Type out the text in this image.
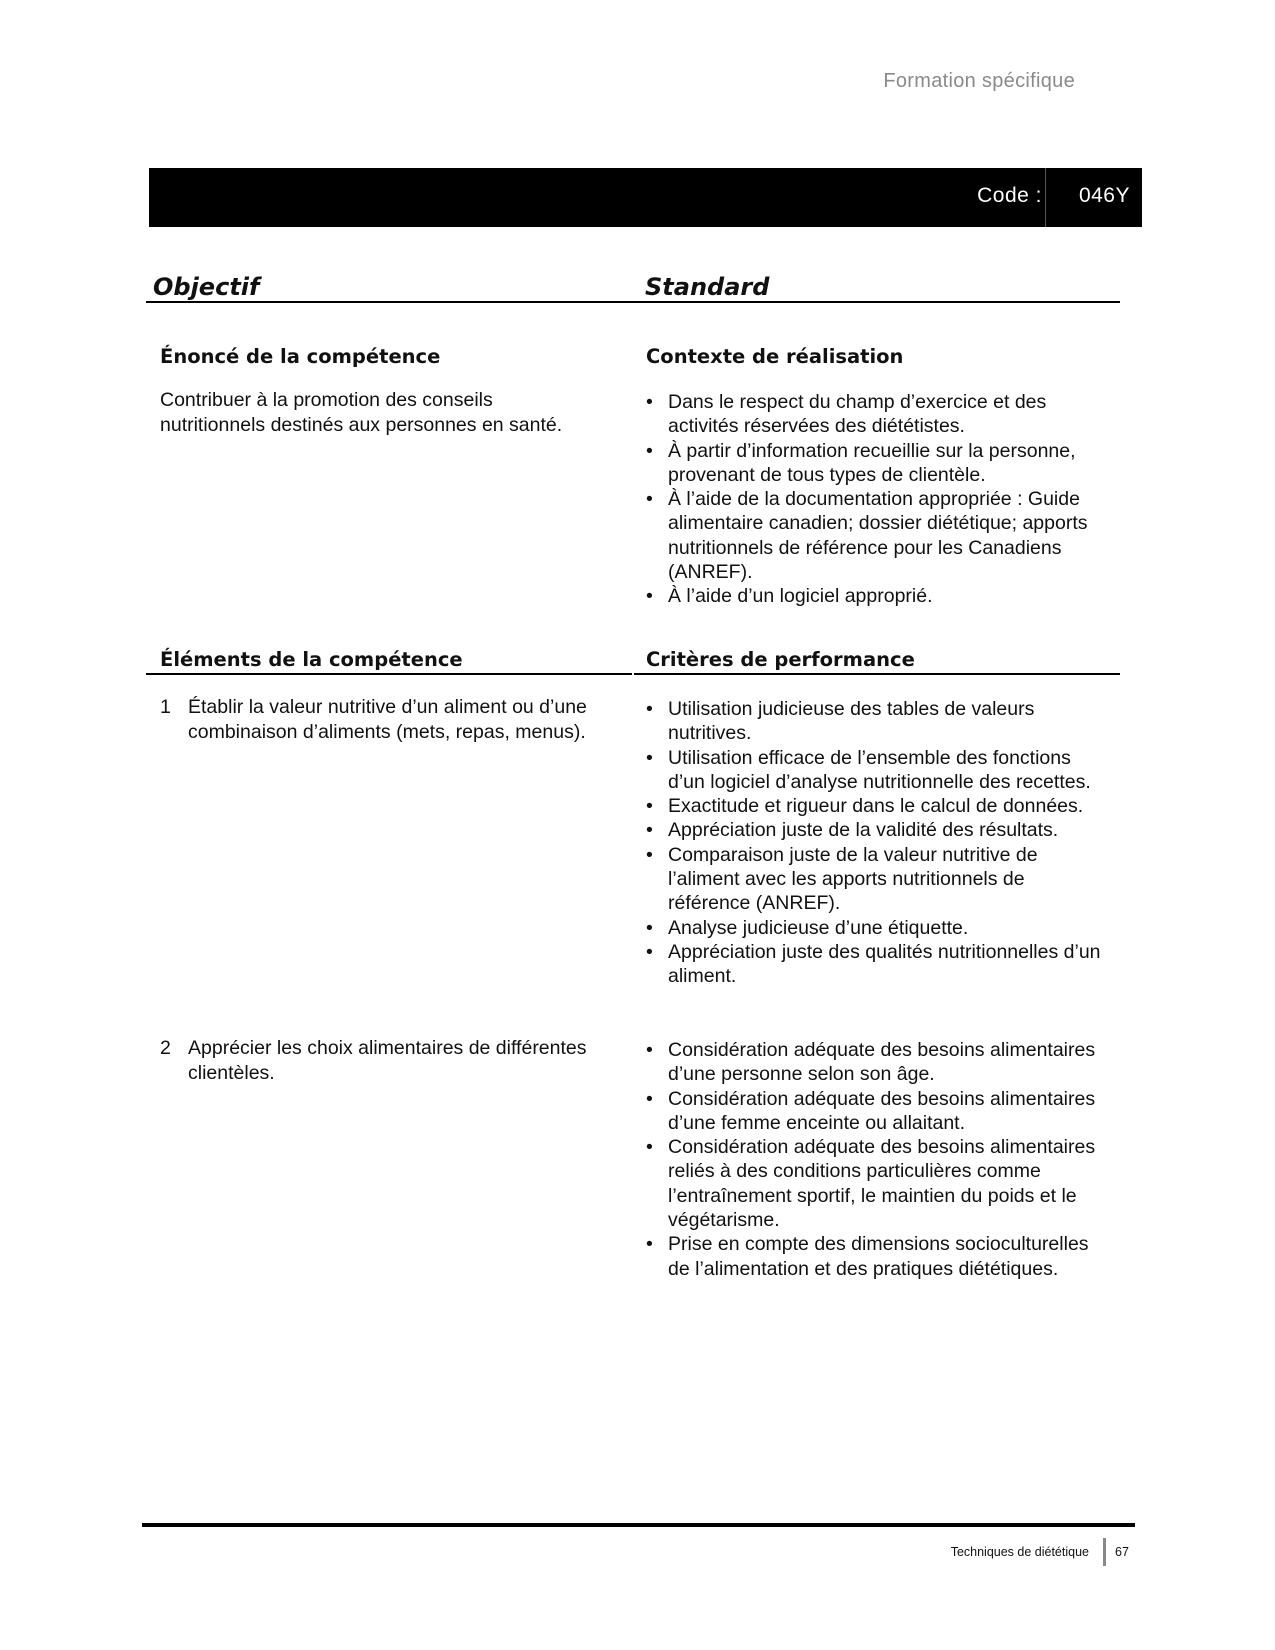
Formation spécifique
Code : 046Y
Objectif	Standard
Énoncé de la compétence
Contribuer à la promotion des conseils nutritionnels destinés aux personnes en santé.
Contexte de réalisation
• Dans le respect du champ d’exercice et des activités réservées des diététistes.
• À partir d’information recueillie sur la personne, provenant de tous types de clientèle.
• À l’aide de la documentation appropriée : Guide alimentaire canadien; dossier diététique; apports nutritionnels de référence pour les Canadiens (ANREF).
• À l’aide d’un logiciel approprié.
Éléments de la compétence	Critères de performance
1 Établir la valeur nutritive d’un aliment ou d’une combinaison d’aliments (mets, repas, menus).
• Utilisation judicieuse des tables de valeurs nutritives.
• Utilisation efficace de l’ensemble des fonctions d’un logiciel d’analyse nutritionnelle des recettes.
• Exactitude et rigueur dans le calcul de données.
• Appréciation juste de la validité des résultats.
• Comparaison juste de la valeur nutritive de l’aliment avec les apports nutritionnels de référence (ANREF).
• Analyse judicieuse d’une étiquette.
• Appréciation juste des qualités nutritionnelles d’un aliment.
2 Apprécier les choix alimentaires de différentes clientèles.
• Considération adéquate des besoins alimentaires d’une personne selon son âge.
• Considération adéquate des besoins alimentaires d’une femme enceinte ou allaitant.
• Considération adéquate des besoins alimentaires reliés à des conditions particulières comme l’entraînement sportif, le maintien du poids et le végétarisme.
• Prise en compte des dimensions socioculturelles de l’alimentation et des pratiques diététiques.
Techniques de diététique 67
